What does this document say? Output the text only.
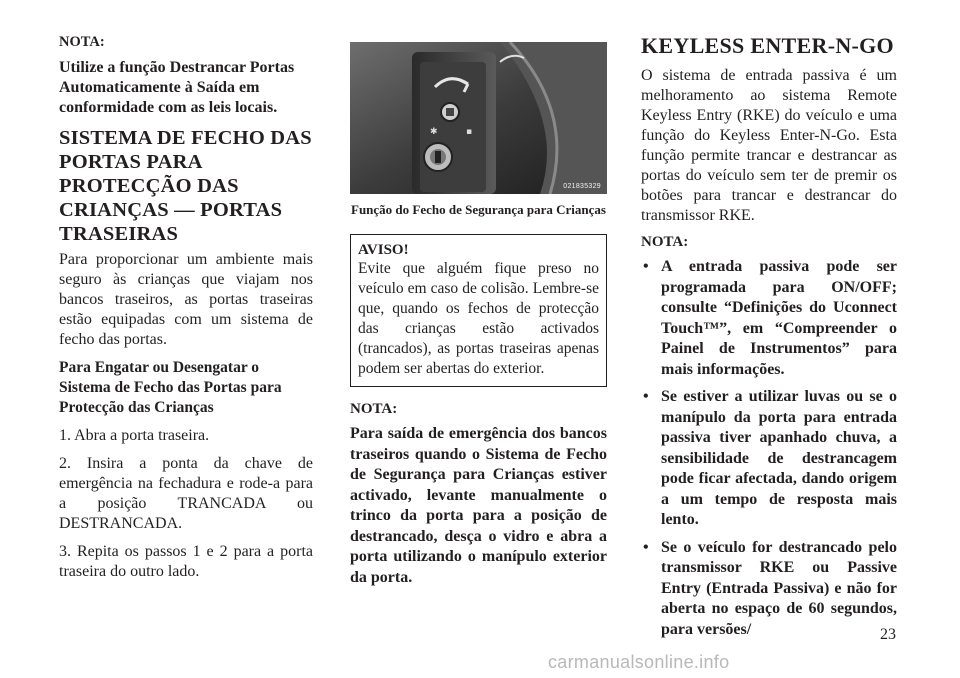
NOTA:

Utilize a função Destrancar Portas Automaticamente à Saída em conformidade com as leis locais.

SISTEMA DE FECHO DAS PORTAS PARA PROTECÇÃO DAS CRIANÇAS — PORTAS TRASEIRAS

Para proporcionar um ambiente mais seguro às crianças que viajam nos bancos traseiros, as portas traseiras estão equipadas com um sistema de fecho das portas.

Para Engatar ou Desengatar o Sistema de Fecho das Portas para Protecção das Crianças

1. Abra a porta traseira.

2. Insira a ponta da chave de emergência na fechadura e rode-a para a posição TRANCADA ou DESTRANCADA.

3. Repita os passos 1 e 2 para a porta traseira do outro lado.

✱	▪
021835329
Função do Fecho de Segurança para Crianças
AVISO!
Evite que alguém fique preso no veículo em caso de colisão. Lembre-se que, quando os fechos de protecção das crianças estão activados (trancados), as portas traseiras apenas podem ser abertas do exterior.
NOTA:

Para saída de emergência dos bancos traseiros quando o Sistema de Fecho de Segurança para Crianças estiver activado, levante manualmente o trinco da porta para a posição de destrancado, desça o vidro e abra a porta utilizando o manípulo exterior da porta.

KEYLESS ENTER-N-GO

O sistema de entrada passiva é um melhoramento ao sistema Remote Keyless Entry (RKE) do veículo e uma função do Keyless Enter-N-Go. Esta função permite trancar e destrancar as portas do veículo sem ter de premir os botões para trancar e destrancar do transmissor RKE.

NOTA:
• A entrada passiva pode ser programada para ON/OFF; consulte “Definições do Uconnect Touch™”, em “Compreender o Painel de Instrumentos” para mais informações.
• Se estiver a utilizar luvas ou se o manípulo da porta para entrada passiva tiver apanhado chuva, a sensibilidade de destrancagem pode ficar afectada, dando origem a um tempo de resposta mais lento.
• Se o veículo for destrancado pelo transmissor RKE ou Passive Entry (Entrada Passiva) e não for aberta no espaço de 60 segundos, para versões/	23
carmanualsonline.info
